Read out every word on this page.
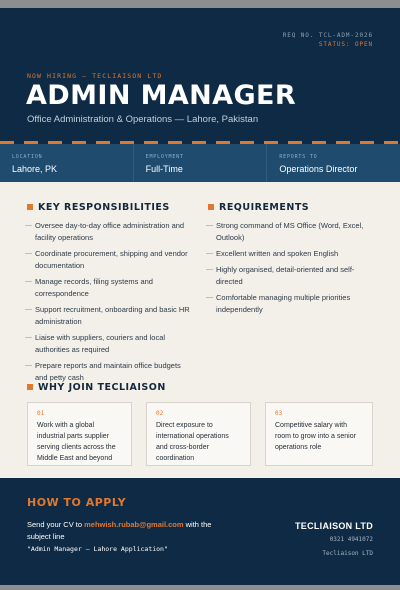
REQ NO. TCL-ADM-2026
STATUS: OPEN
NOW HIRING — TECLIAISON LTD
ADMIN MANAGER
Office Administration & Operations — Lahore, Pakistan
LOCATION
Lahore, PK
EMPLOYMENT
Full-Time
REPORTS TO
Operations Director
KEY RESPONSIBILITIES
— Oversee day-to-day office administration and facility operations
— Coordinate procurement, shipping and vendor documentation
— Manage records, filing systems and correspondence
— Support recruitment, onboarding and basic HR administration
— Liaise with suppliers, couriers and local authorities as required
— Prepare reports and maintain office budgets and petty cash
REQUIREMENTS
— Strong command of MS Office (Word, Excel, Outlook)
— Excellent written and spoken English
— Highly organised, detail-oriented and self-directed
— Comfortable managing multiple priorities independently
WHY JOIN TECLIAISON
01
Work with a global industrial parts supplier serving clients across the Middle East and beyond
02
Direct exposure to international operations and cross-border coordination
03
Competitive salary with room to grow into a senior operations role
HOW TO APPLY
Send your CV to mehwish.rubab@gmail.com with the subject line
"Admin Manager – Lahore Application"
TECLIAISON LTD
0321 4941072
Tecliaison LTD
